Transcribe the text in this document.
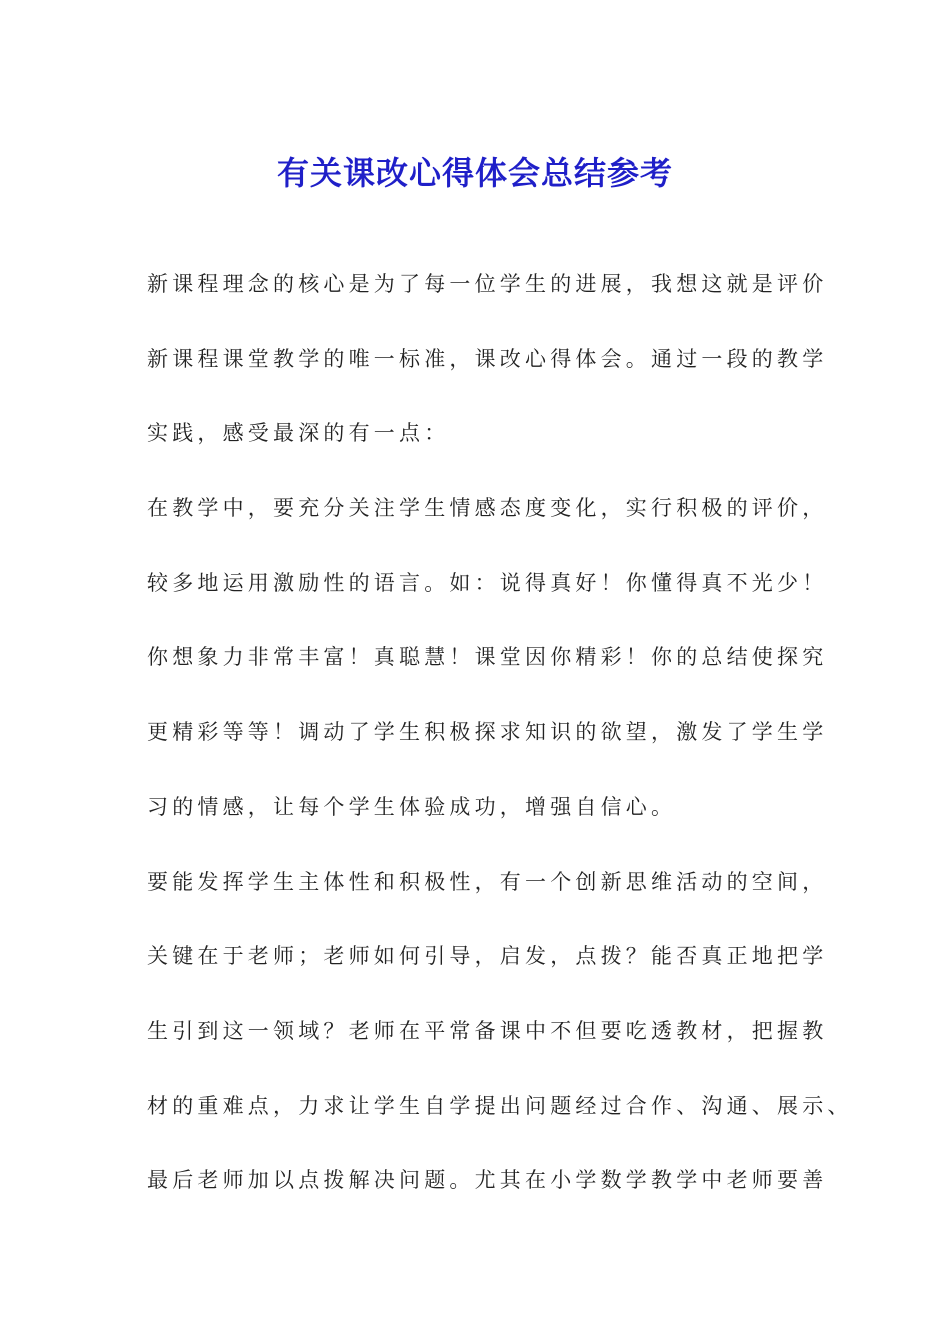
有关课改心得体会总结参考
新课程理念的核心是为了每一位学生的进展，我想这就是评价
新课程课堂教学的唯一标准，课改心得体会。通过一段的教学
实践，感受最深的有一点：
在教学中，要充分关注学生情感态度变化，实行积极的评价，
较多地运用激励性的语言。如：说得真好！你懂得真不光少！
你想象力非常丰富！真聪慧！课堂因你精彩！你的总结使探究
更精彩等等！调动了学生积极探求知识的欲望，激发了学生学
习的情感，让每个学生体验成功，增强自信心。
要能发挥学生主体性和积极性，有一个创新思维活动的空间，
关键在于老师；老师如何引导，启发，点拨？能否真正地把学
生引到这一领域？老师在平常备课中不但要吃透教材，把握教
材的重难点，力求让学生自学提出问题经过合作、沟通、展示、
最后老师加以点拨解决问题。尤其在小学数学教学中老师要善
